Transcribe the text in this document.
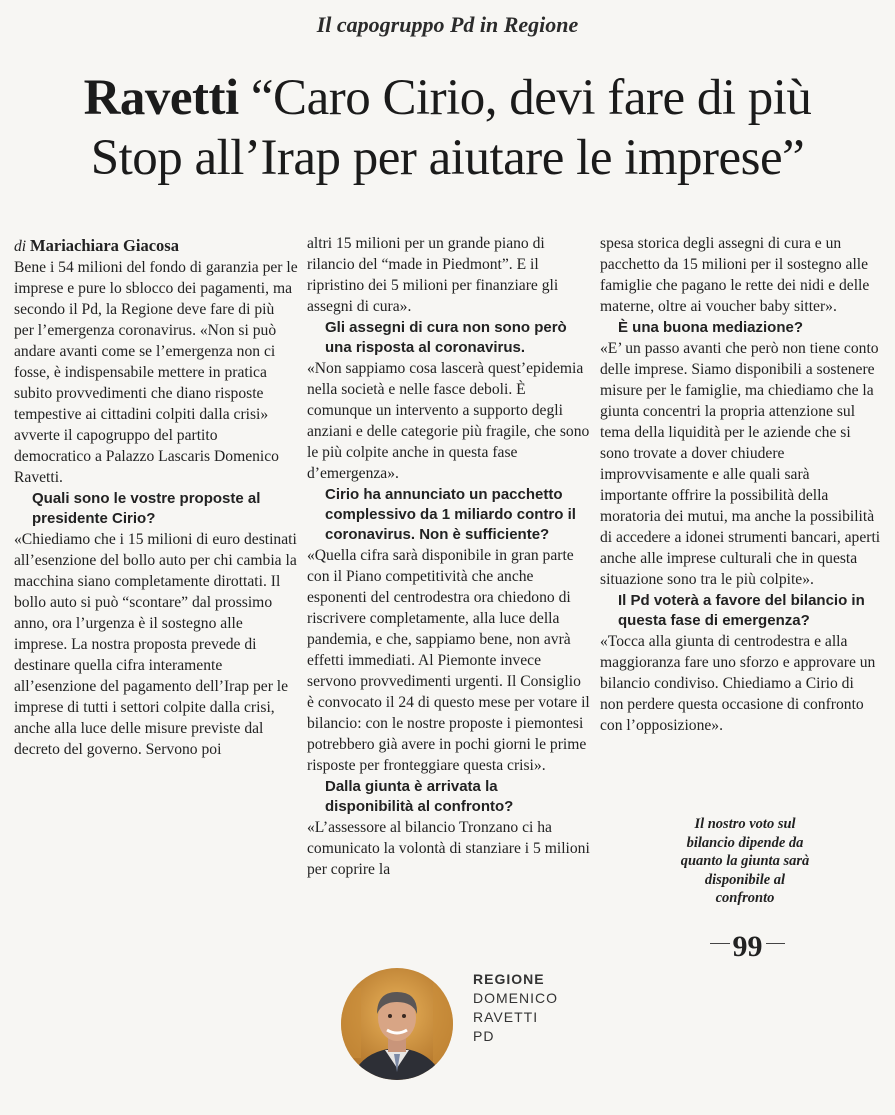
Il capogruppo Pd in Regione
Ravetti “Caro Cirio, devi fare di più
Stop all’Irap per aiutare le imprese”

di Mariachiara Giacosa

Bene i 54 milioni del fondo di garanzia per le imprese e pure lo sblocco dei pagamenti, ma secondo il Pd, la Regione deve fare di più per l’emergenza coronavirus. «Non si può andare avanti come se l’emergenza non ci fosse, è indispensabile mettere in pratica subito provvedimenti che diano risposte tempestive ai cittadini colpiti dalla crisi» avverte il capogruppo del partito democratico a Palazzo Lascaris Domenico Ravetti.

Quali sono le vostre proposte al presidente Cirio?

«Chiediamo che i 15 milioni di euro destinati all’esenzione del bollo auto per chi cambia la macchina siano completamente dirottati. Il bollo auto si può “scontare” dal prossimo anno, ora l’urgenza è il sostegno alle imprese. La nostra proposta prevede di destinare quella cifra interamente all’esenzione del pagamento dell’Irap per le imprese di tutti i settori colpite dalla crisi, anche alla luce delle misure previste dal decreto del governo. Servono poi

altri 15 milioni per un grande piano di rilancio del “made in Piedmont”. E il ripristino dei 5 milioni per finanziare gli assegni di cura».

Gli assegni di cura non sono però una risposta al coronavirus.

«Non sappiamo cosa lascerà quest’epidemia nella società e nelle fasce deboli. È comunque un intervento a supporto degli anziani e delle categorie più fragile, che sono le più colpite anche in questa fase d’emergenza».

Cirio ha annunciato un pacchetto complessivo da 1 miliardo contro il coronavirus. Non è sufficiente?

«Quella cifra sarà disponibile in gran parte con il Piano competitività che anche esponenti del centrodestra ora chiedono di riscrivere completamente, alla luce della pandemia, e che, sappiamo bene, non avrà effetti immediati. Al Piemonte invece servono provvedimenti urgenti. Il Consiglio è convocato il 24 di questo mese per votare il bilancio: con le nostre proposte i piemontesi potrebbero già avere in pochi giorni le prime risposte per fronteggiare questa crisi».

Dalla giunta è arrivata la disponibilità al confronto?

«L’assessore al bilancio Tronzano ci ha comunicato la volontà di stanziare i 5 milioni per coprire la

spesa storica degli assegni di cura e un pacchetto da 15 milioni per il sostegno alle famiglie che pagano le rette dei nidi e delle materne, oltre ai voucher baby sitter».

È una buona mediazione?

«E’ un passo avanti che però non tiene conto delle imprese. Siamo disponibili a sostenere misure per le famiglie, ma chiediamo che la giunta concentri la propria attenzione sul tema della liquidità per le aziende che si sono trovate a dover chiudere improvvisamente e alle quali sarà importante offrire la possibilità della moratoria dei mutui, ma anche la possibilità di accedere a idonei strumenti bancari, aperti anche alle imprese culturali che in questa situazione sono tra le più colpite».

Il Pd voterà a favore del bilancio in questa fase di emergenza?

«Tocca alla giunta di centrodestra e alla maggioranza fare uno sforzo e approvare un bilancio condiviso. Chiediamo a Cirio di non perdere questa occasione di confronto con l’opposizione».

Il nostro voto sul bilancio dipende da quanto la giunta sarà disponibile al confronto
99
REGIONE
DOMENICO
RAVETTI
PD
